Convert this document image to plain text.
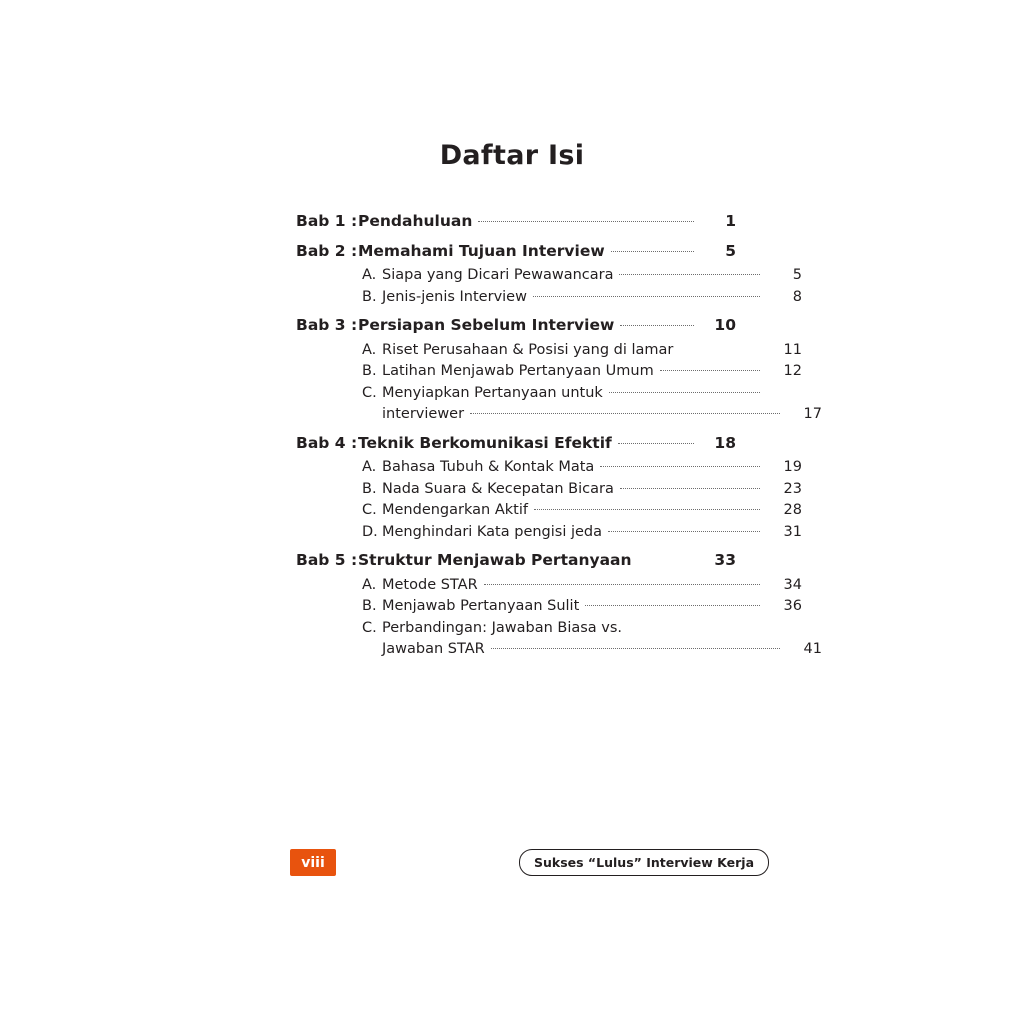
Daftar Isi
Bab 1 : Pendahuluan	1
Bab 2 : Memahami Tujuan Interview	5
A. Siapa yang Dicari Pewawancara	5
B. Jenis-jenis Interview	8
Bab 3 : Persiapan Sebelum Interview	10
A. Riset Perusahaan & Posisi yang di lamar	11
B. Latihan Menjawab Pertanyaan Umum	12
C. Menyiapkan Pertanyaan untuk
interviewer	17
Bab 4 : Teknik Berkomunikasi Efektif	18
A. Bahasa Tubuh & Kontak Mata	19
B. Nada Suara & Kecepatan Bicara	23
C. Mendengarkan Aktif	28
D. Menghindari Kata pengisi jeda	31
Bab 5 : Struktur Menjawab Pertanyaan	33
A. Metode STAR	34
B. Menjawab Pertanyaan Sulit	36
C. Perbandingan: Jawaban Biasa vs.
Jawaban STAR	41
viii	Sukses “Lulus” Interview Kerja
